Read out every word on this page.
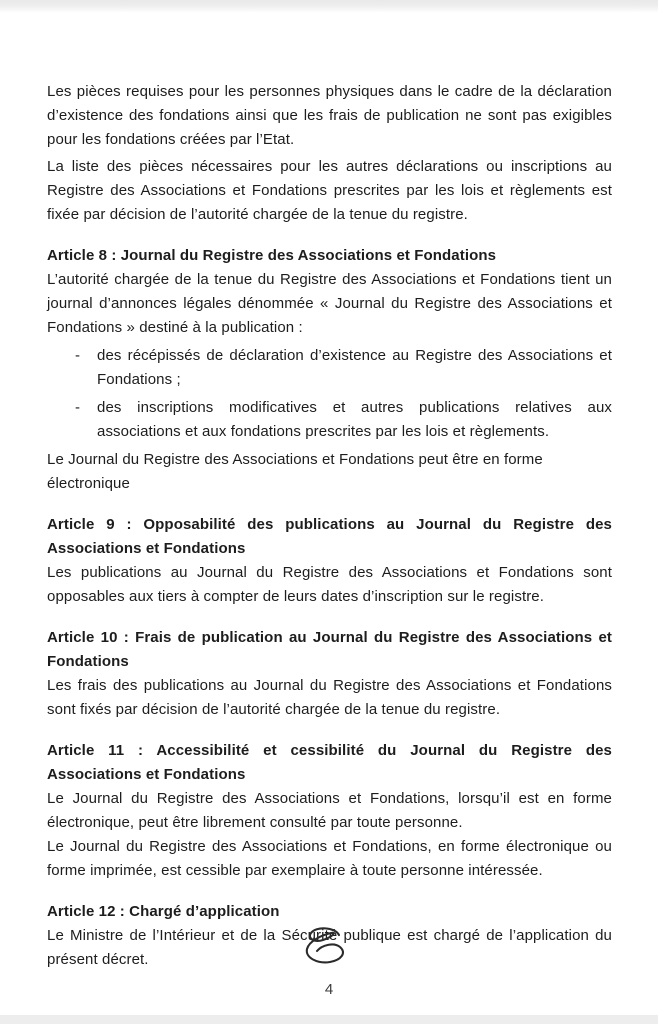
Les pièces requises pour les personnes physiques dans le cadre de la déclaration d’existence des fondations ainsi que les frais de publication ne sont pas exigibles pour les fondations créées par l’Etat.

La liste des pièces nécessaires pour les autres déclarations ou inscriptions au Registre des Associations et Fondations prescrites par les lois et règlements est fixée par décision de l’autorité chargée de la tenue du registre.

Article 8 : Journal du Registre des Associations et Fondations

L’autorité chargée de la tenue du Registre des Associations et Fondations tient un journal d’annonces légales dénommée « Journal du Registre des Associations et Fondations » destiné à la publication :

-	des récépissés de déclaration d’existence au Registre des Associations et Fondations ;
-	des inscriptions modificatives et autres publications relatives aux associations et aux fondations prescrites par les lois et règlements.

Le Journal du Registre des Associations et Fondations peut être en forme électronique

Article 9 : Opposabilité des publications au Journal du Registre des Associations et Fondations

Les publications au Journal du Registre des Associations et Fondations sont opposables aux tiers à compter de leurs dates d’inscription sur le registre.

Article 10 : Frais de publication au Journal du Registre des Associations et Fondations

Les frais des publications au Journal du Registre des Associations et Fondations sont fixés par décision de l’autorité chargée de la tenue du registre.

Article 11 : Accessibilité et cessibilité du Journal du Registre des Associations et Fondations

Le Journal du Registre des Associations et Fondations, lorsqu’il est en forme électronique, peut être librement consulté par toute personne.

Le Journal du Registre des Associations et Fondations, en forme électronique ou forme imprimée, est cessible par exemplaire à toute personne intéressée.

Article 12 : Chargé d’application

Le Ministre de l’Intérieur et de la Sécurité publique est chargé de l’application du présent décret.

4
